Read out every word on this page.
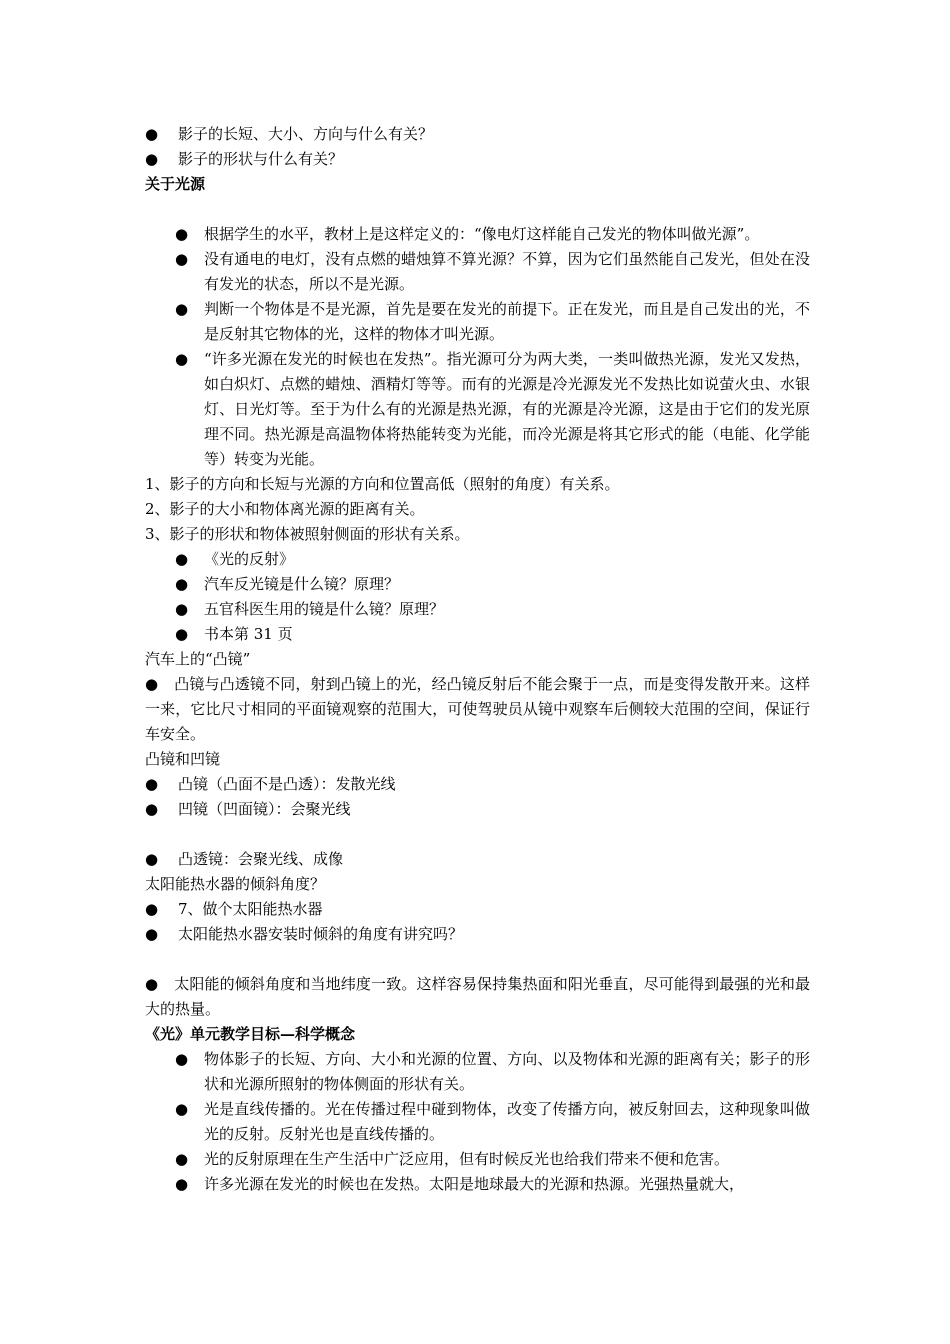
● 影子的长短、大小、方向与什么有关？
● 影子的形状与什么有关？
关于光源
● 根据学生的水平，教材上是这样定义的：“像电灯这样能自己发光的物体叫做光源”。
● 没有通电的电灯，没有点燃的蜡烛算不算光源？不算，因为它们虽然能自己发光，但处在没有发光的状态，所以不是光源。
● 判断一个物体是不是光源，首先是要在发光的前提下。正在发光，而且是自己发出的光，不是反射其它物体的光，这样的物体才叫光源。
● “许多光源在发光的时候也在发热”。指光源可分为两大类，一类叫做热光源，发光又发热，如白炽灯、点燃的蜡烛、酒精灯等等。而有的光源是冷光源发光不发热比如说萤火虫、水银灯、日光灯等。至于为什么有的光源是热光源，有的光源是冷光源，这是由于它们的发光原理不同。热光源是高温物体将热能转变为光能，而冷光源是将其它形式的能（电能、化学能等）转变为光能。
1、影子的方向和长短与光源的方向和位置高低（照射的角度）有关系。
2、影子的大小和物体离光源的距离有关。
3、影子的形状和物体被照射侧面的形状有关系。
● 《光的反射》
● 汽车反光镜是什么镜？原理？
● 五官科医生用的镜是什么镜？原理？
● 书本第 31 页
汽车上的“凸镜”
● 凸镜与凸透镜不同，射到凸镜上的光，经凸镜反射后不能会聚于一点，而是变得发散开来。这样一来，它比尺寸相同的平面镜观察的范围大，可使驾驶员从镜中观察车后侧较大范围的空间，保证行车安全。
凸镜和凹镜
● 凸镜（凸面不是凸透）：发散光线
● 凹镜（凹面镜）：会聚光线
● 凸透镜：会聚光线、成像
太阳能热水器的倾斜角度？
● 7、做个太阳能热水器
● 太阳能热水器安装时倾斜的角度有讲究吗？
● 太阳能的倾斜角度和当地纬度一致。这样容易保持集热面和阳光垂直，尽可能得到最强的光和最大的热量。
《光》单元教学目标—科学概念
● 物体影子的长短、方向、大小和光源的位置、方向、以及物体和光源的距离有关；影子的形状和光源所照射的物体侧面的形状有关。
● 光是直线传播的。光在传播过程中碰到物体，改变了传播方向，被反射回去，这种现象叫做光的反射。反射光也是直线传播的。
● 光的反射原理在生产生活中广泛应用，但有时候反光也给我们带来不便和危害。
● 许多光源在发光的时候也在发热。太阳是地球最大的光源和热源。光强热量就大，
